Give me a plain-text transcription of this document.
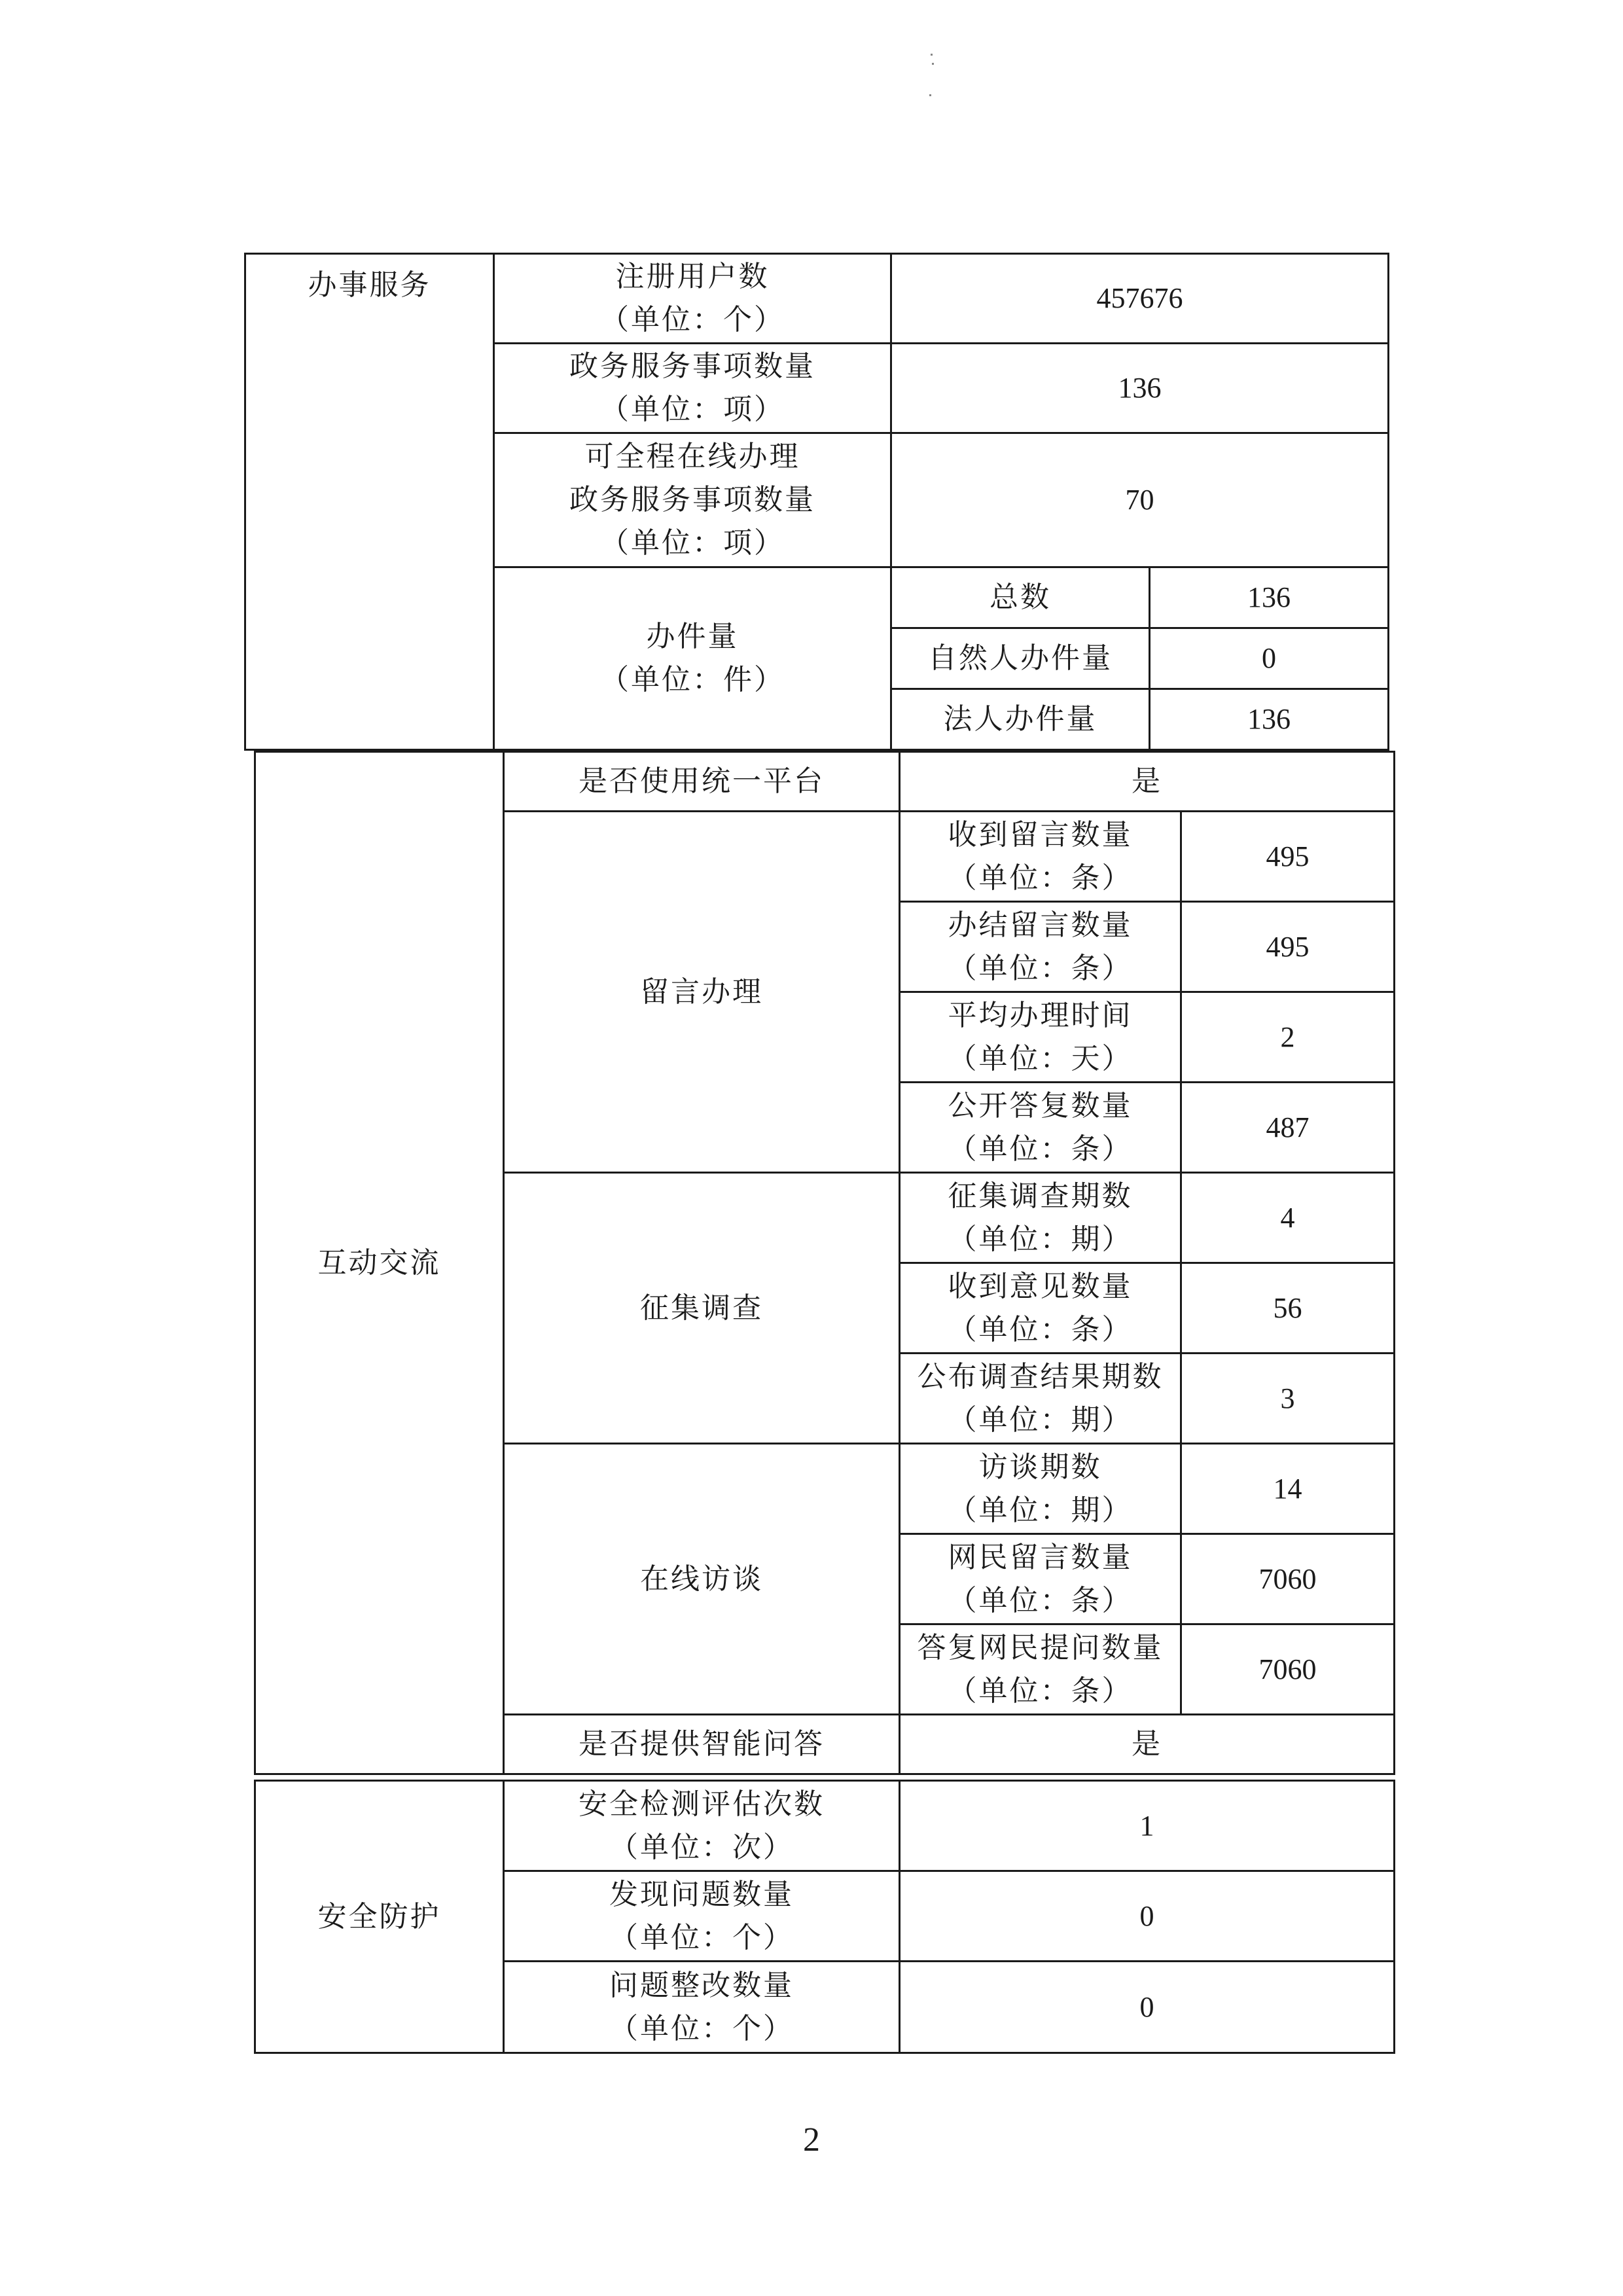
办事服务	注册用户数
（单位：个）	457676	

	政务服务事项数量
（单位：项）	136	

	可全程在线办理
政务服务事项数量
（单位：项）	70	

	办件量
（单位：件）	总数	136
		自然人办件量	0
		法人办件量	136
互动交流	是否使用统一平台	是	
	留言办理	收到留言数量
（单位：条）	495

		办结留言数量
（单位：条）	495

		平均办理时间
（单位：天）	2

		公开答复数量
（单位：条）	487
	征集调查	征集调查期数
（单位：期）	4

		收到意见数量
（单位：条）	56

		公布调查结果期数
（单位：期）	3
	在线访谈	访谈期数
（单位：期）	14

		网民留言数量
（单位：条）	7060

		答复网民提问数量
（单位：条）	7060
	是否提供智能问答	是	
安全防护	安全检测评估次数
（单位：次）	1

	发现问题数量
（单位：个）	0

	问题整改数量
（单位：个）	0
2
